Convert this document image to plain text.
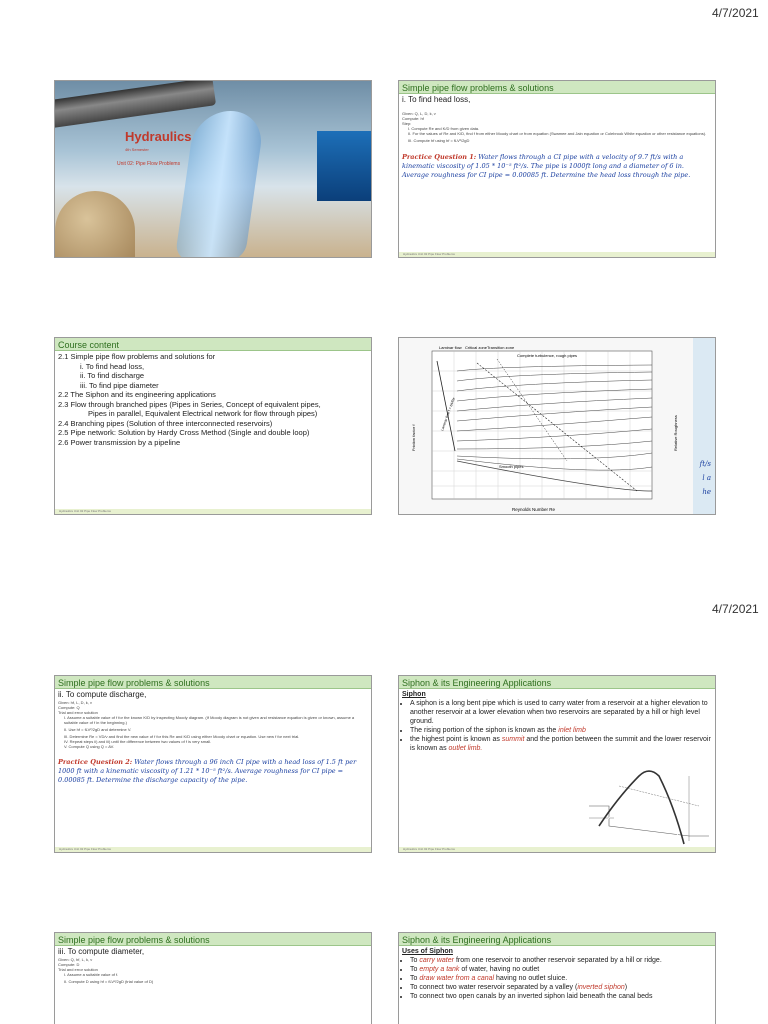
4/7/2021
Hydraulics
4th Semester
Unit 02: Pipe Flow Problems
Simple pipe flow problems & solutions
i. To find head loss,
Given: Q, L, D, k, ν
Compute: hf
Step:
I. Compute Re and K/D from given data.
II. For the values of Re and K/D, find f from either Moody chart or from equation (Swamee and Jain equation or Colebrook White equation or other resistance equations).
III. Compute hf using hf = fLV²/2gD
Practice Question 1: Water flows through a CI pipe with a velocity of 9.7 ft/s with a kinematic viscosity of 1.05 * 10⁻⁵ ft²/s. The pipe is 1000ft long and a diameter of 6 in. Average roughness for CI pipe = 0.00085 ft. Determine the head loss through the pipe.
Hydraulics Unit 02 Pipe Flow Problems
Course content
2.1 Simple pipe flow problems and solutions for
i. To find head loss,
ii. To find discharge
iii. To find pipe diameter
2.2 The Siphon and its engineering applications
2.3 Flow through branched pipes (Pipes in Series, Concept of equivalent pipes,
Pipes in parallel, Equivalent Electrical network for flow through pipes)
2.4 Branching pipes (Solution of three interconnected reservoirs)
2.5 Pipe network: Solution by Hardy Cross Method (Single and double loop)
2.6 Power transmission by a pipeline
Hydraulics Unit 02 Pipe Flow Problems
Laminar flow Critical zone Transition zone
Complete turbulence, rough pipes
Smooth pipes
Friction factor f
Reynolds Number Re
Relative Roughness
Laminar flow f = 64/Re
ft/s
l a
he
4/7/2021
Simple pipe flow problems & solutions
ii. To compute discharge,
Given: hf, L, D, k, ν
Compute: Q
Trial and error solution
I. Assume a suitable value of f for the known K/D by inspecting Moody diagram. (If Moody diagram is not given and resistance equation is given or known, assume a suitable value of f in the beginning.)
II. Use hf = fLV²/2gD and determine V.
III. Determine Re = VD/ν and find the new value of f for this Re and K/D using either Moody chart or equation. Use new f for next trial.
IV. Repeat steps ii) and iii) until the difference between two values of f is very small.
V. Compute Q using Q = AV.
Practice Question 2: Water flows through a 96 inch CI pipe with a head loss of 1.5 ft per 1000 ft with a kinematic viscosity of 1.21 * 10⁻⁵ ft²/s. Average roughness for CI pipe = 0.00085 ft. Determine the discharge capacity of the pipe.
Hydraulics Unit 02 Pipe Flow Problems
Siphon & its Engineering Applications
Siphon
• A siphon is a long bent pipe which is used to carry water from a reservoir at a higher elevation to another reservoir at a lower elevation when two reservoirs are separated by a hill or high level ground.
• The rising portion of the siphon is known as the inlet limb
• the highest point is known as summit and the portion between the summit and the lower reservoir is known as outlet limb.
Hydraulics Unit 02 Pipe Flow Problems
Simple pipe flow problems & solutions
iii. To compute diameter,
Given: Q, hf, L, k, ν
Compute: D
Trial and error solution
I. Assume a suitable value of f.
II. Compute D using hf = fLV²/2gD (trial value of D)
Siphon & its Engineering Applications
Uses of Siphon
• To carry water from one reservoir to another reservoir separated by a hill or ridge.
• To empty a tank of water, having no outlet
• To draw water from a canal having no outlet sluice.
• To connect two water reservoir separated by a valley (inverted siphon)
• To connect two open canals by an inverted siphon laid beneath the canal beds
